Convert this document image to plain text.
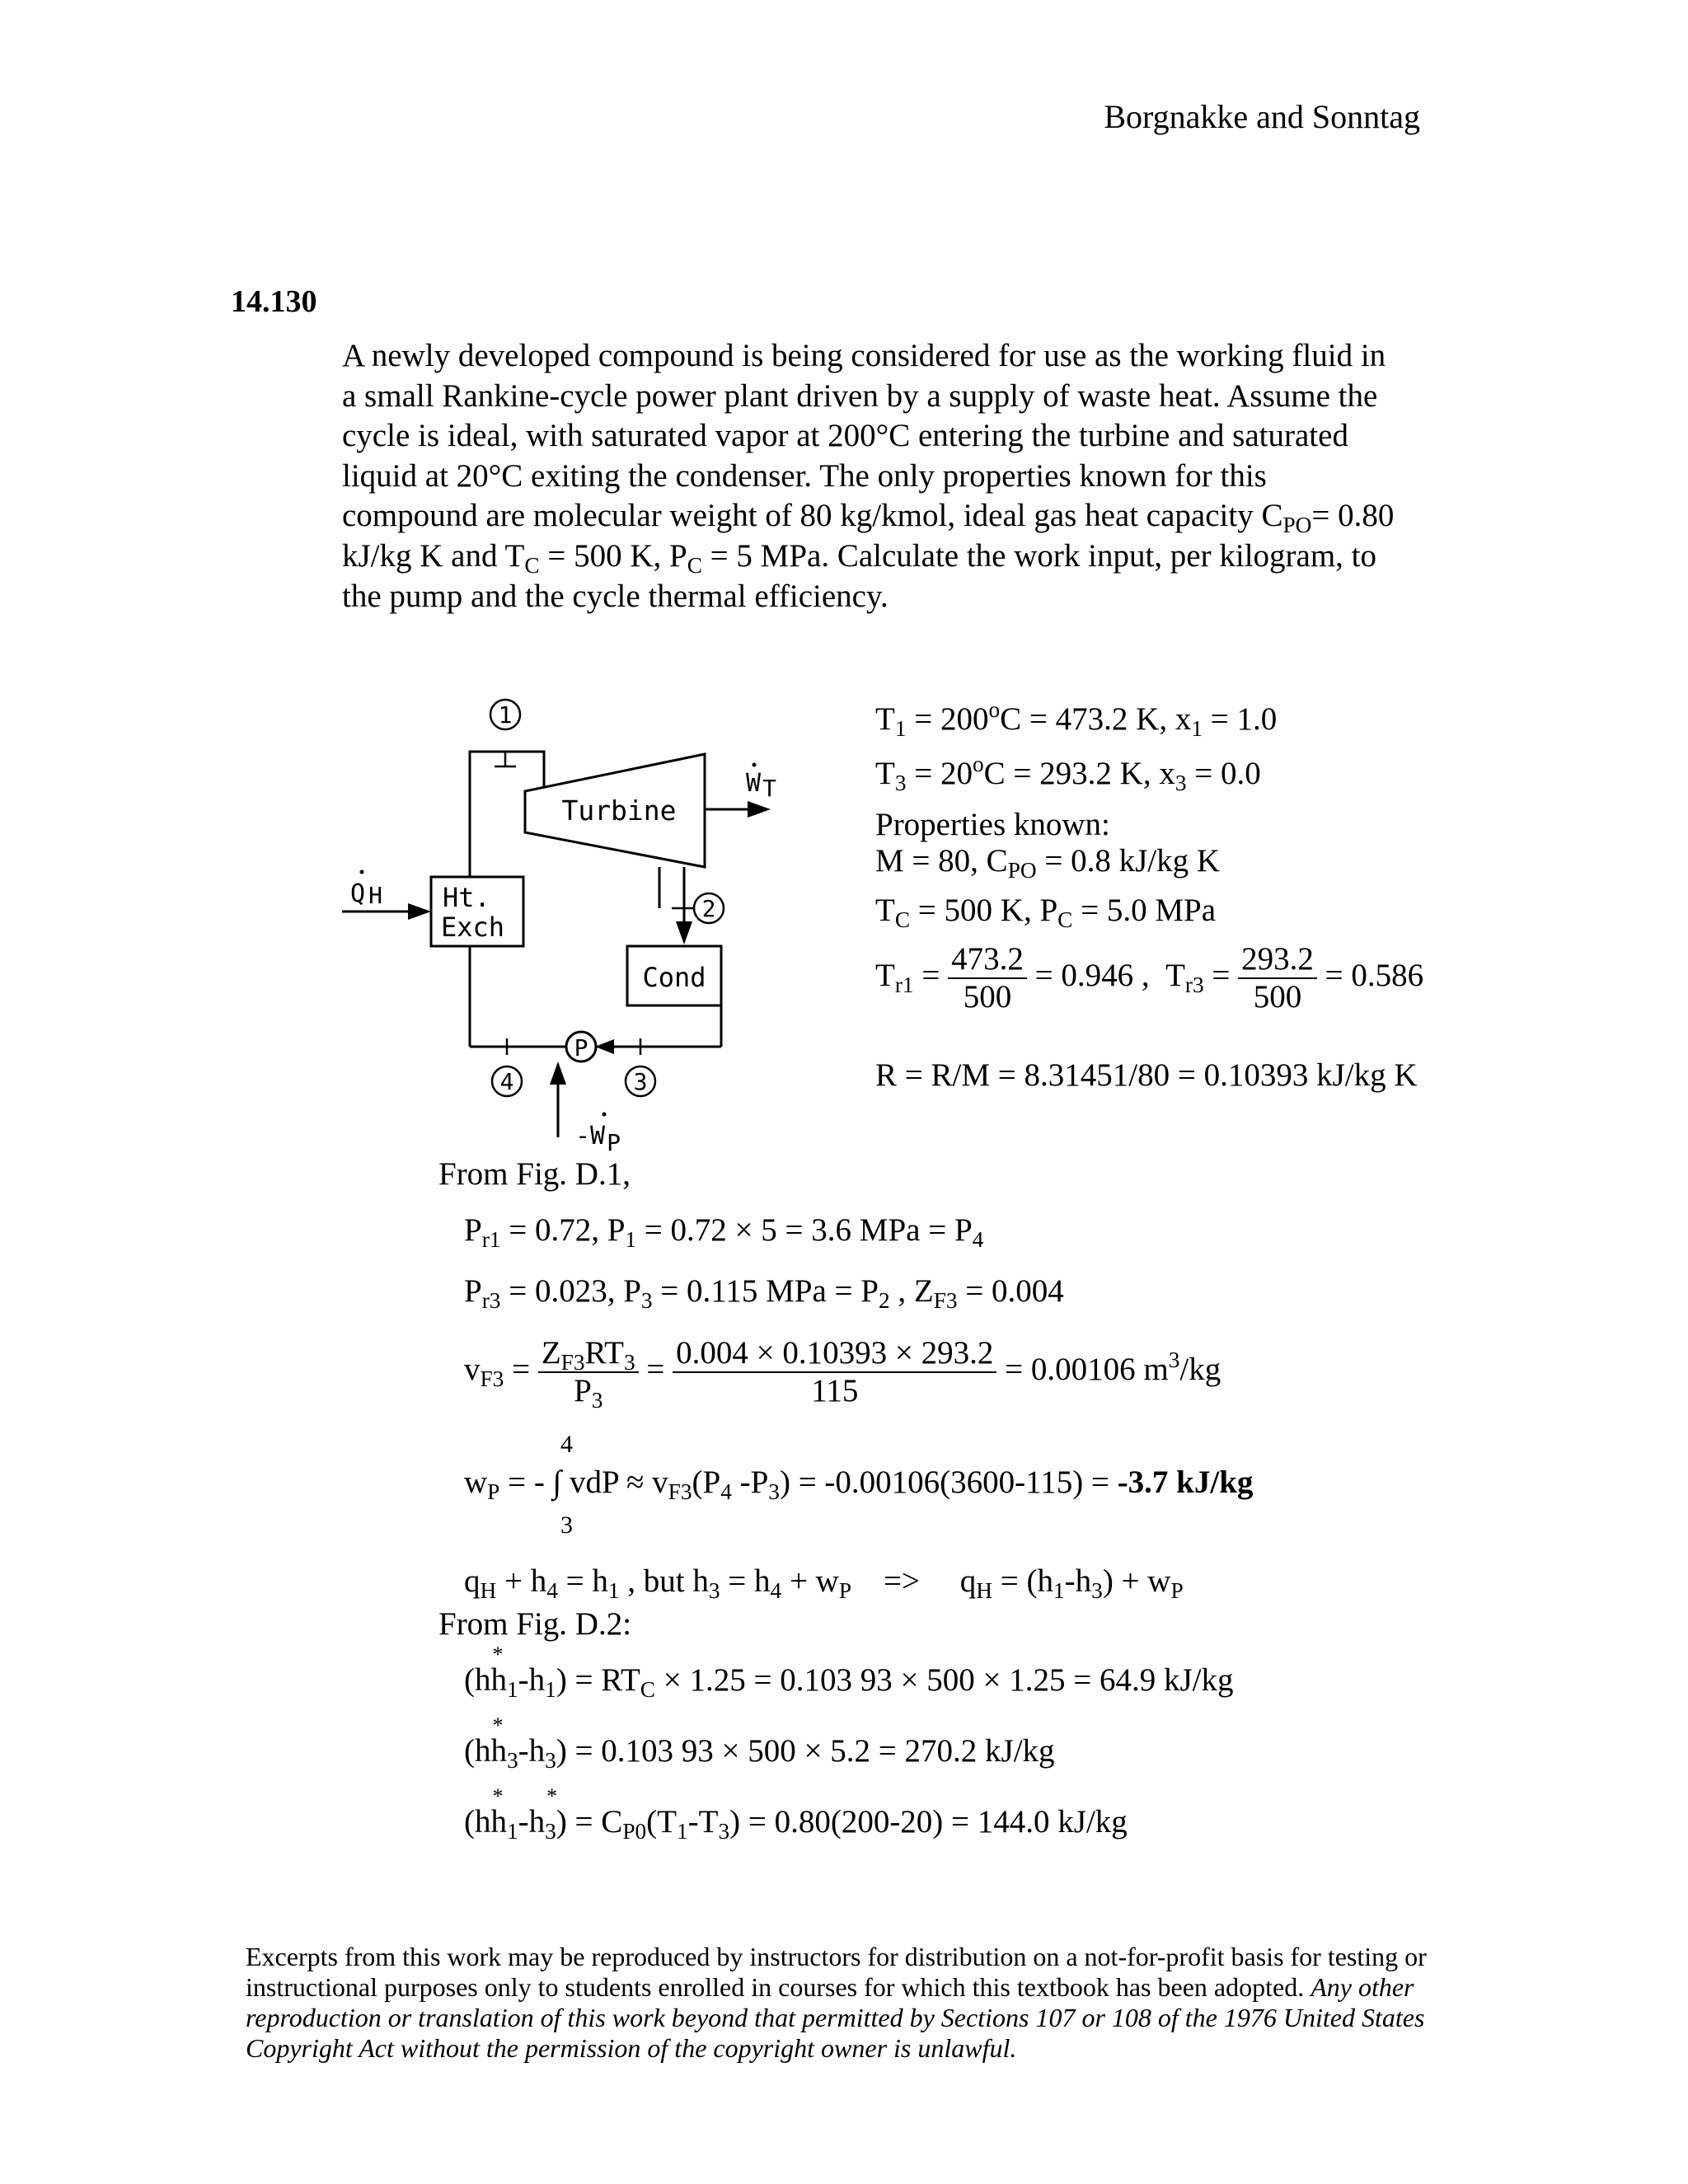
Borgnakke and Sonntag
14.130
A newly developed compound is being considered for use as the working fluid in
a small Rankine-cycle power plant driven by a supply of waste heat. Assume the
cycle is ideal, with saturated vapor at 200°C entering the turbine and saturated
liquid at 20°C exiting the condenser. The only properties known for this
compound are molecular weight of 80 kg/kmol, ideal gas heat capacity $C_{PO}= 0.80$
kJ/kg K and $T_C = 500$ K, $P_C = 5$ MPa. Calculate the work input, per kilogram, to
the pump and the cycle thermal efficiency.
1
2
3
4
Turbine
Ht.
Exch
Cond
P
Q H
WT
-WP
$T_1 = 200^oC = 473.2$ K, $x_1 = 1.0$
$T_3 = 20^oC = 293.2$ K, $x_3 = 0.0$
Properties known:
M = 80, $C_{PO} = 0.8$ kJ/kg K
$T_C = 500$ K, $P_C = 5.0$ MPa
$T_{r1} = \frac{473.2}{500} = 0.946$ ,  $T_{r3} = \frac{293.2}{500} = 0.586$
R = R/M = 8.31451/80 = 0.10393 kJ/kg K
From Fig. D.1,
$P_{r1} = 0.72$, $P_1 = 0.72 \times 5 = 3.6$ MPa = $P_4$
$P_{r3} = 0.023$, $P_3 = 0.115$ MPa = $P_2$ , $Z_{F3} = 0.004$
$v_{F3} = \frac{Z_{F3}RT_3}{P_3} = \frac{0.004 \times 0.10393 \times 293.2}{115} = 0.00106$ $m^3/kg$
4
$w_P$ = - ∫ vdP ≈ $v_{F3}(P_4$ $-P_3) = -0.00106(3600-115) = -3.7$ kJ/kg
3
$q_H + h_4 = h_1$ , but $h_3 = h_4 + w_P$ =>     $q_H = (h_1-h_3) + w_P$
From Fig. D.2:
(hh $*_1-h_1) = RT_C \times 1.25 = 0.103$ 93 × 500 × 1.25 = 64.9 kJ/kg
(hh $*_3-h_3) = 0.103$ 93 × 500 × 5.2 = 270.2 kJ/kg
(hh $*_1-h_3) = C_{P0}(T_1-T_3) = 0.80(200-20) = 144.0$ kJ/kg
Excerpts from this work may be reproduced by instructors for distribution on a not-for-profit basis for testing or instructional purposes only to students enrolled in courses for which this textbook has been adopted. Any other reproduction or translation of this work beyond that permitted by Sections 107 or 108 of the 1976 United States Copyright Act without the permission of the copyright owner is unlawful.
